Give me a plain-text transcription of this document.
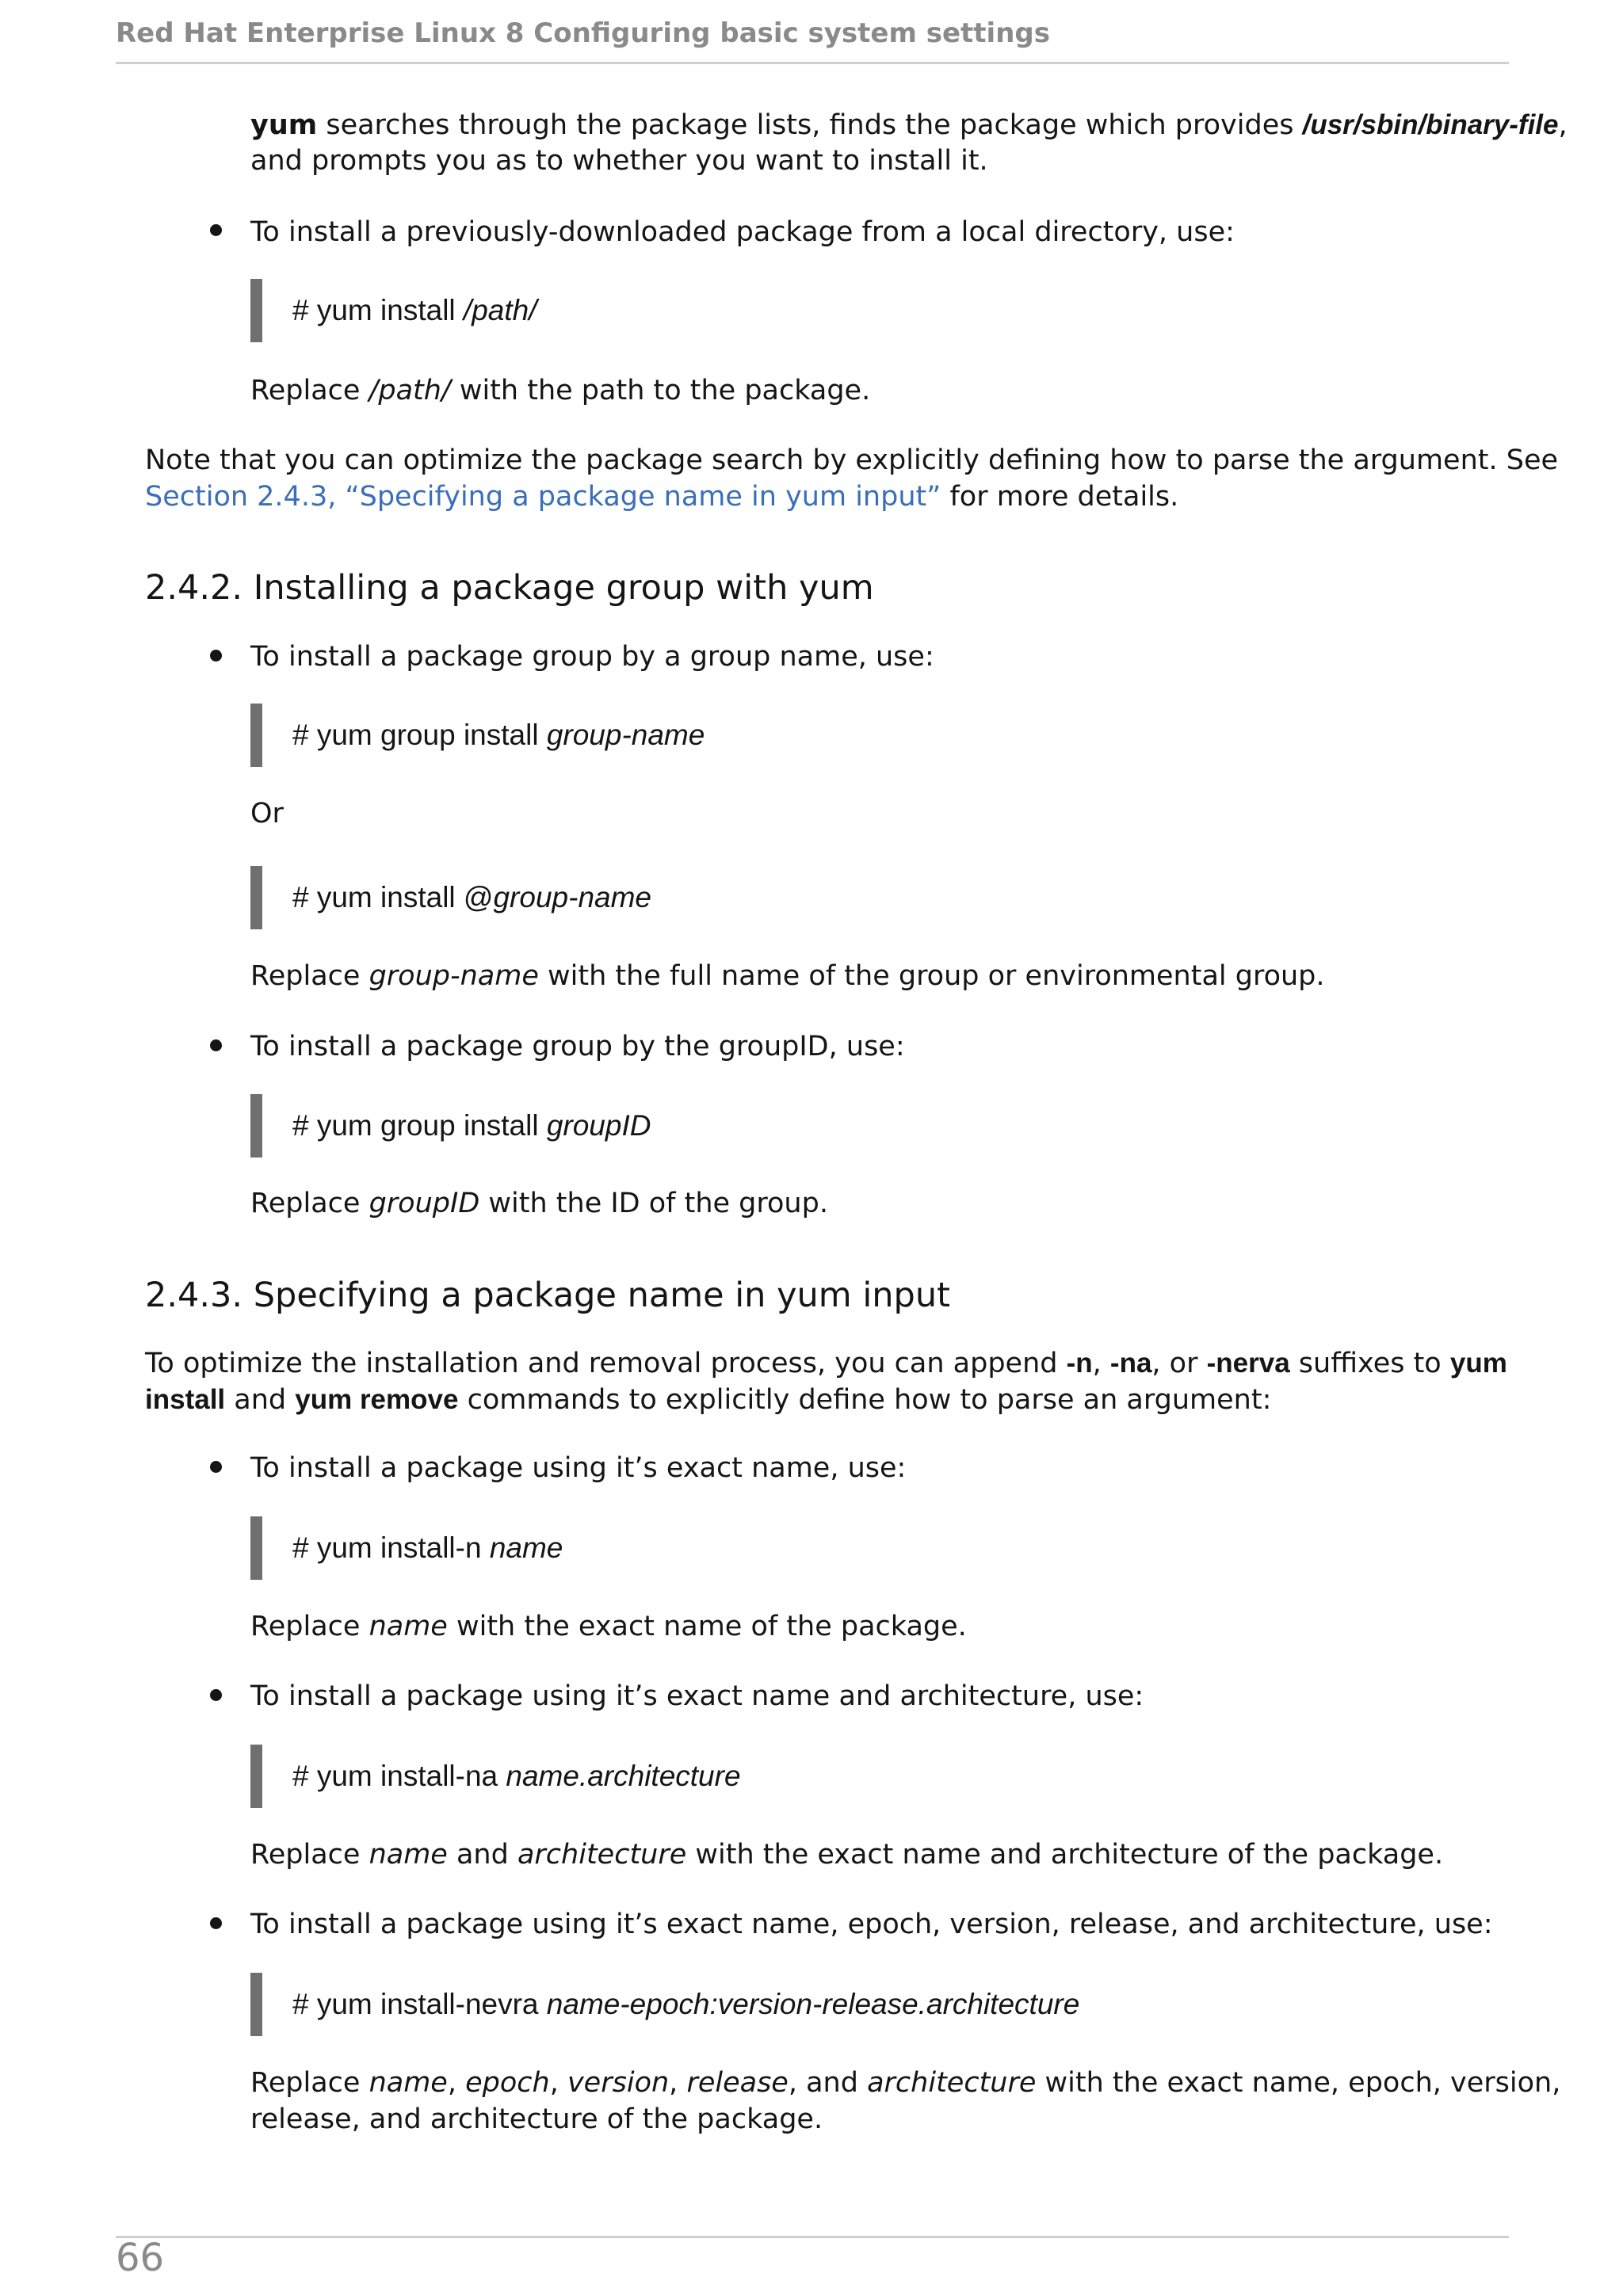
Red Hat Enterprise Linux 8 Configuring basic system settings
yum searches through the package lists, finds the package which provides /usr/sbin/binary-file,
and prompts you as to whether you want to install it.
To install a previously-downloaded package from a local directory, use:
# yum install /path/
Replace /path/ with the path to the package.
Note that you can optimize the package search by explicitly defining how to parse the argument. See
Section 2.4.3, “Specifying a package name in yum input” for more details.
2.4.2. Installing a package group with yum
To install a package group by a group name, use:
# yum group install group-name
Or
# yum install @group-name
Replace group-name with the full name of the group or environmental group.
To install a package group by the groupID, use:
# yum group install groupID
Replace groupID with the ID of the group.
2.4.3. Specifying a package name in yum input
To optimize the installation and removal process, you can append -n, -na, or -nerva suffixes to yum
install and yum remove commands to explicitly define how to parse an argument:
To install a package using it’s exact name, use:
# yum install-n name
Replace name with the exact name of the package.
To install a package using it’s exact name and architecture, use:
# yum install-na name.architecture
Replace name and architecture with the exact name and architecture of the package.
To install a package using it’s exact name, epoch, version, release, and architecture, use:
# yum install-nevra name-epoch:version-release.architecture
Replace name, epoch, version, release, and architecture with the exact name, epoch, version,
release, and architecture of the package.
66
